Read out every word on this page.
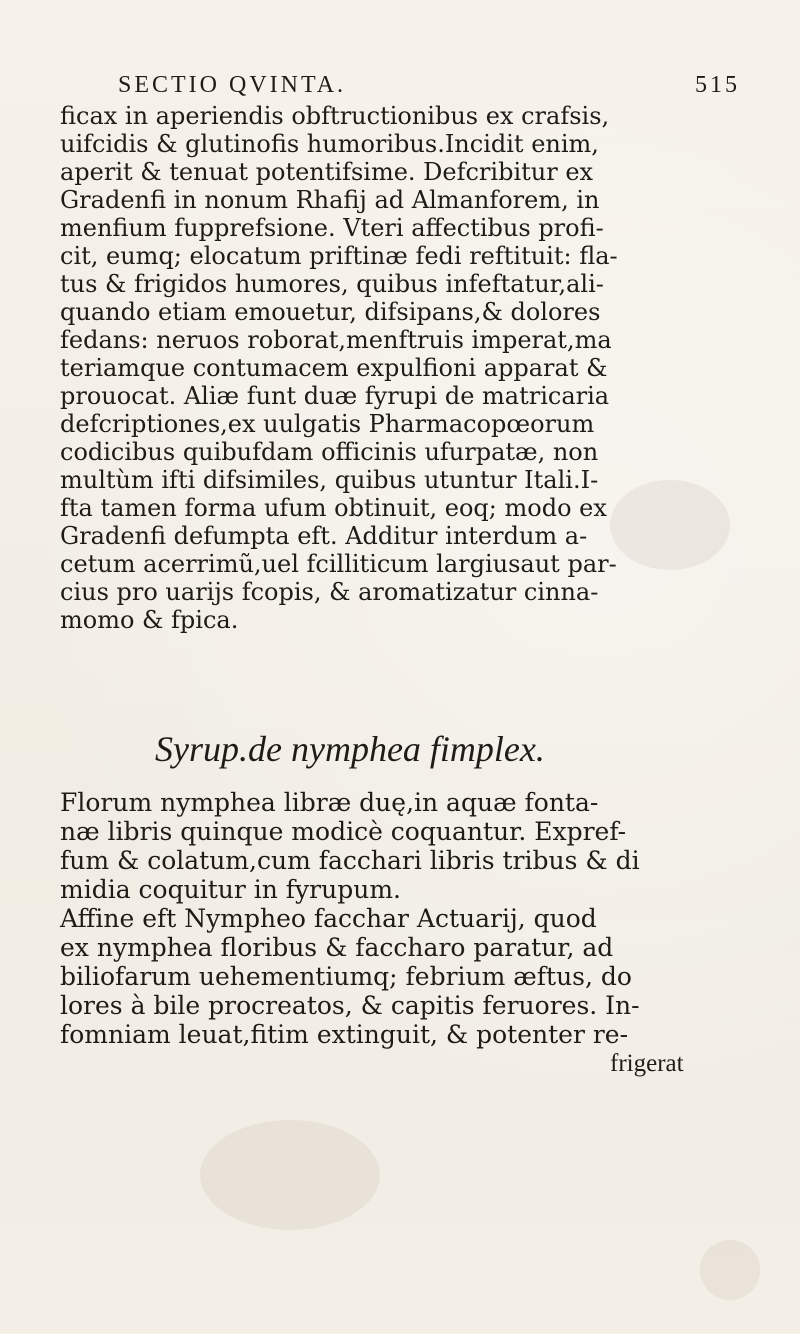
SECTIO QVINTA.	515
ficax in aperiendis obftructionibus ex crafsis,
uifcidis & glutinofis humoribus.Incidit enim,
aperit & tenuat potentifsime. Defcribitur ex
Gradenfi in nonum Rhafij ad Almanforem, in
menfium fupprefsione. Vteri affectibus profi-
cit, eumq; elocatum priftinæ fedi reftituit: fla-
tus & frigidos humores, quibus infeftatur,ali-
quando etiam emouetur, difsipans,& dolores
fedans: neruos roborat,menftruis imperat,ma
teriamque contumacem expulfioni apparat &
prouocat. Aliæ funt duæ fyrupi de matricaria
defcriptiones,ex uulgatis Pharmacopœorum
codicibus quibufdam officinis ufurpatæ, non
multùm ifti difsimiles, quibus utuntur Itali.I-
fta tamen forma ufum obtinuit, eoq; modo ex
Gradenfi defumpta eft. Additur interdum a-
cetum acerrimũ,uel fcilliticum largiusaut par-
cius pro uarijs fcopis, & aromatizatur cinna-
momo & fpica.
Syrup.de nymphea fimplex.
Florum nymphea libræ duę,in aquæ fonta-
næ libris quinque modicè coquantur. Expref-
fum & colatum,cum facchari libris tribus & di
midia coquitur in fyrupum.
Affine eft Nympheo facchar Actuarij, quod
ex nymphea floribus & faccharo paratur, ad
biliofarum uehementiumq; febrium æftus, do
lores à bile procreatos, & capitis feruores. In-
fomniam leuat,fitim extinguit, & potenter re-
frigerat
